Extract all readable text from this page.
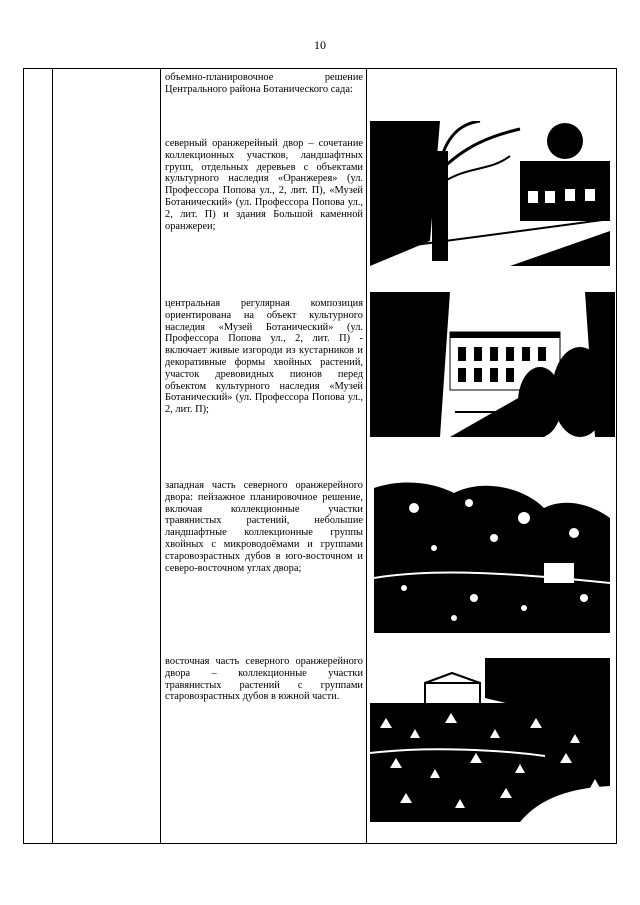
10
объемно-планировочное решение Центрального района Ботанического сада:
северный оранжерейный двор – сочетание коллекционных участков, ландшафтных групп, отдельных деревьев с объектами культурного наследия «Оранжерея» (ул. Профессора Попова ул., 2, лит. П), «Музей Ботанический» (ул. Профессора Попова ул., 2, лит. П) и здания Большой каменной оранжереи;
центральная регулярная композиция ориентирована на объект культурного наследия «Музей Ботанический» (ул. Профессора Попова ул., 2, лит. П) - включает живые изгороди из кустарников и декоративные формы хвойных растений, участок древовидных пионов перед объектом культурного наследия «Музей Ботанический» (ул. Профессора Попова ул., 2, лит. П);
западная часть северного оранжерейного двора: пейзажное планировочное решение, включая коллекционные участки травянистых растений, небольшие ландшафтные коллекционные группы хвойных с микроводоёмами и группами старовозрастных дубов в юго-восточном и северо-восточном углах двора;
восточная часть северного оранжерейного двора – коллекционные участки травянистых растений с группами старовозрастных дубов в южной части.
